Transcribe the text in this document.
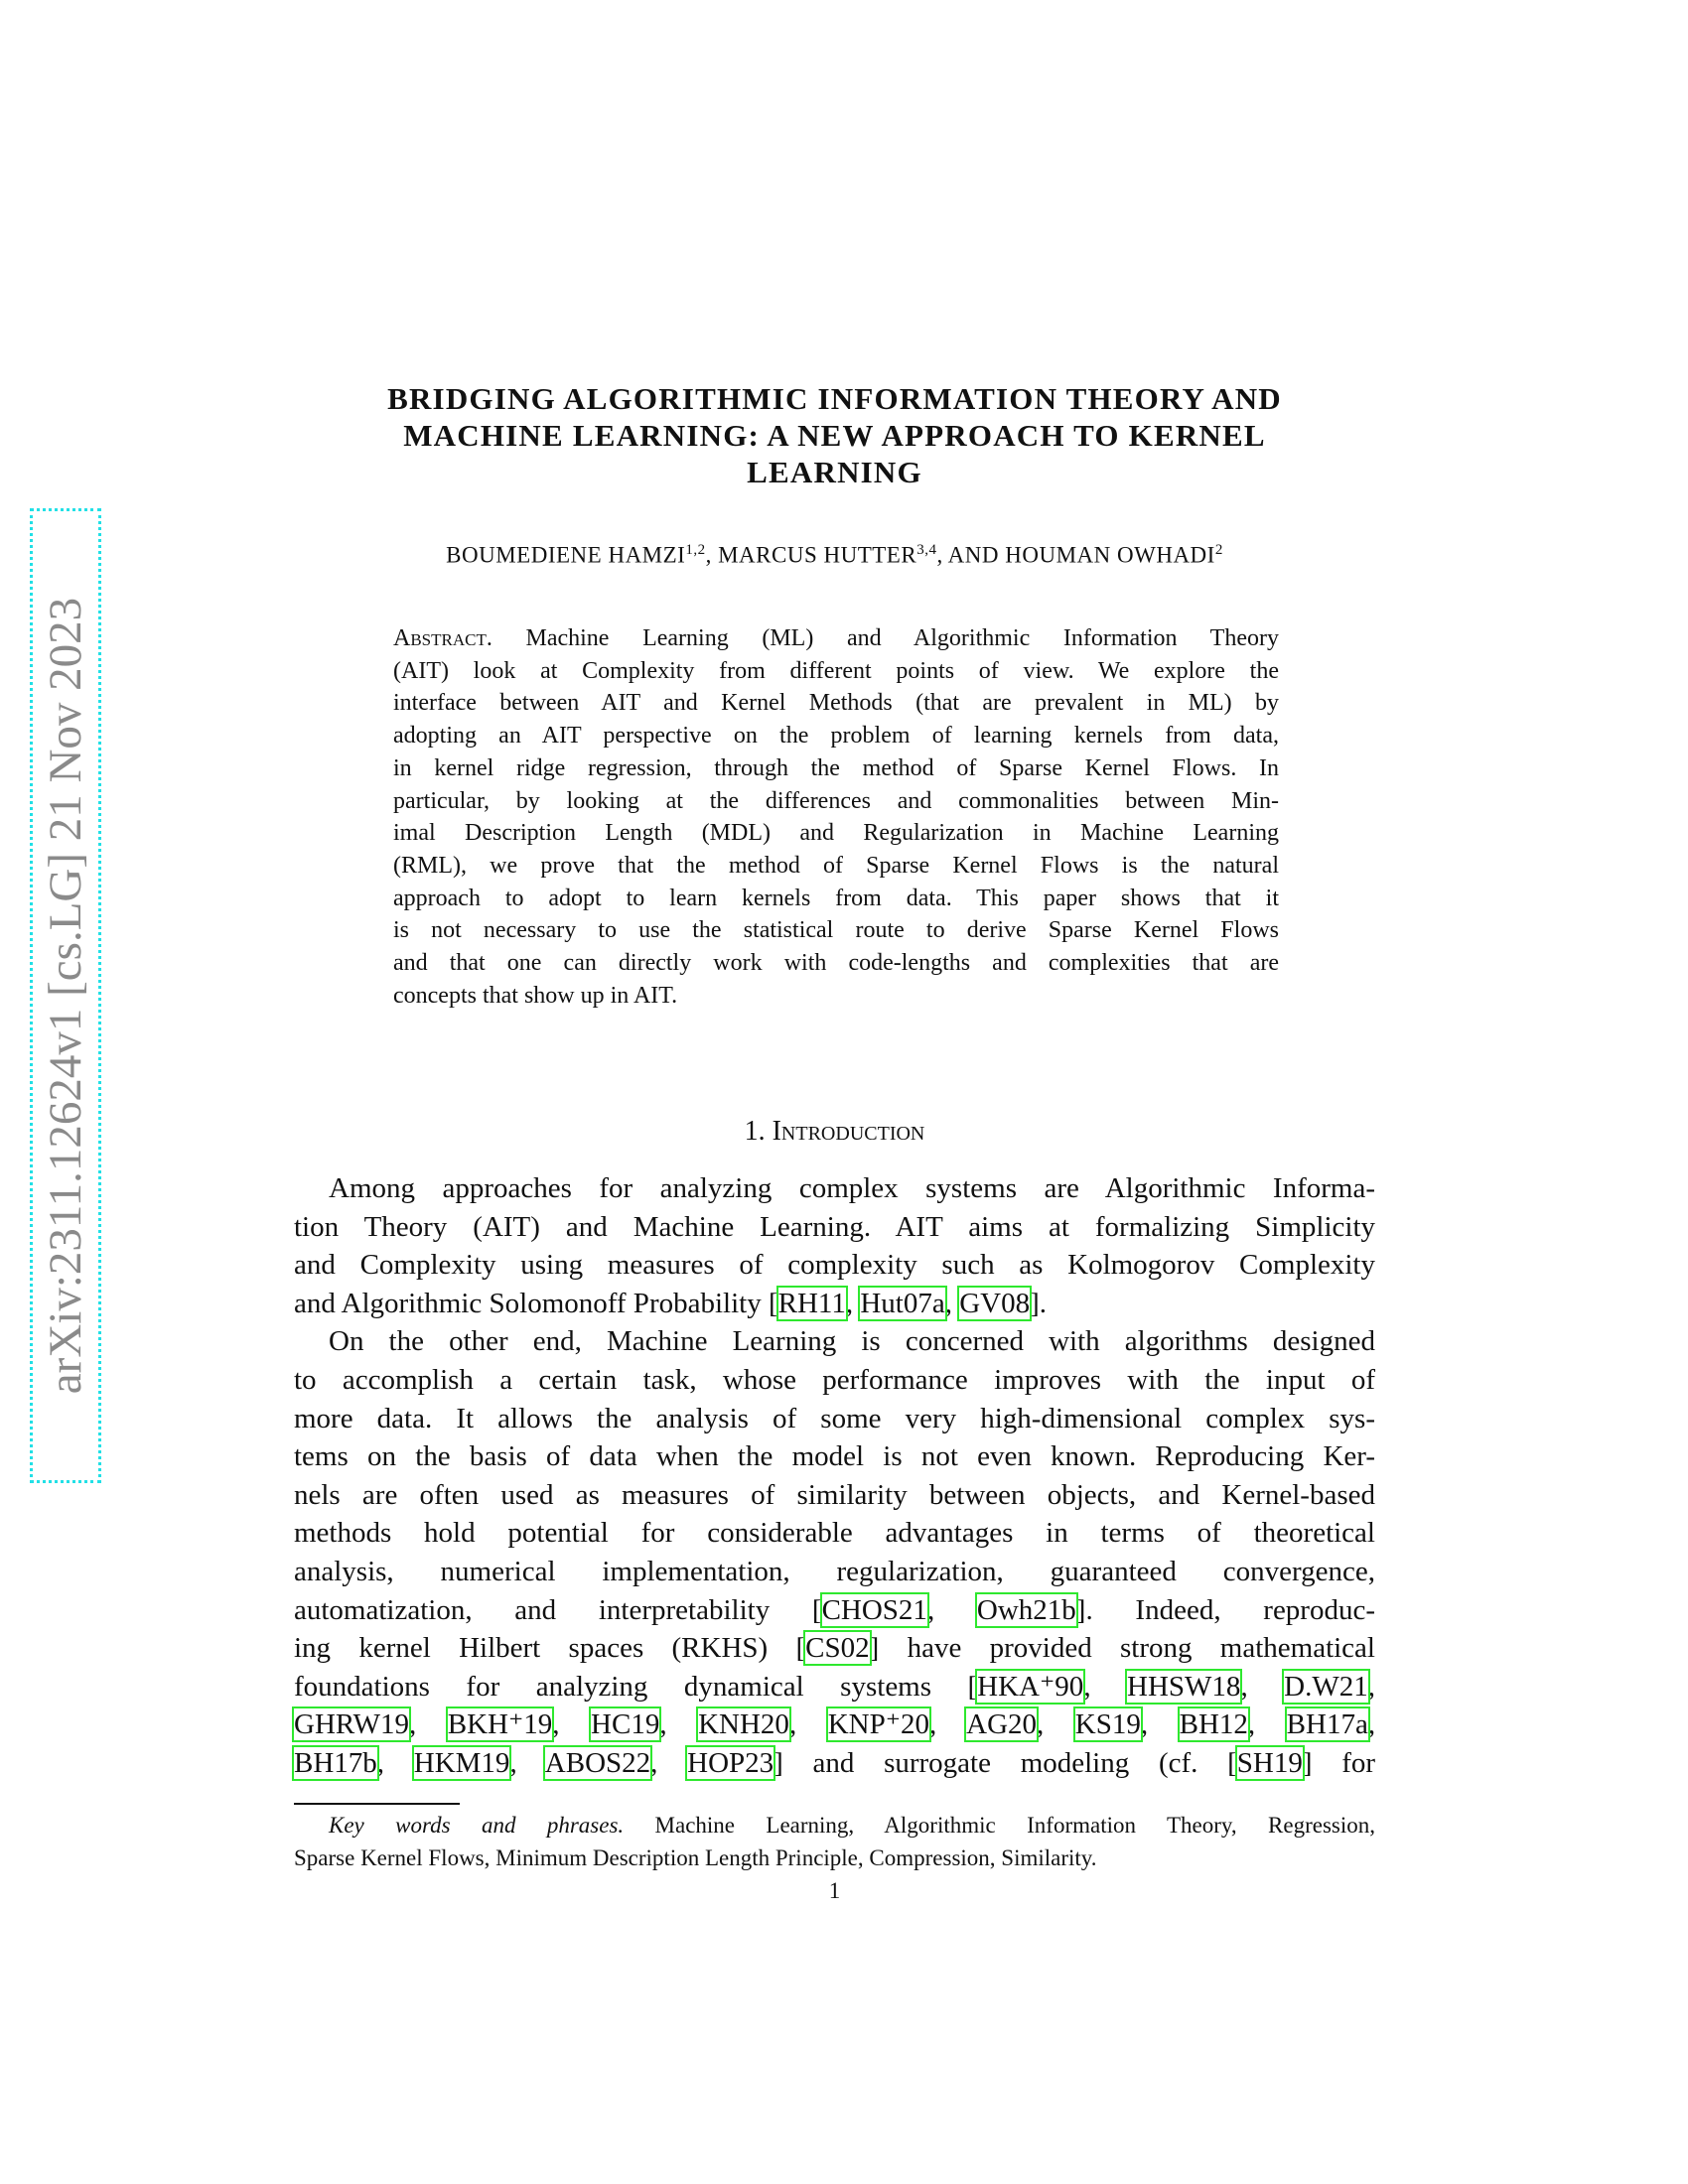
arXiv:2311.12624v1 [cs.LG] 21 Nov 2023
BRIDGING ALGORITHMIC INFORMATION THEORY AND
MACHINE LEARNING: A NEW APPROACH TO KERNEL
LEARNING
BOUMEDIENE HAMZI$^{1,2}$, MARCUS HUTTER$^{3,4}$, AND HOUMAN OWHADI$^2$
Abstract. Machine Learning (ML) and Algorithmic Information Theory
(AIT) look at Complexity from different points of view. We explore the
interface between AIT and Kernel Methods (that are prevalent in ML) by
adopting an AIT perspective on the problem of learning kernels from data,
in kernel ridge regression, through the method of Sparse Kernel Flows. In
particular, by looking at the differences and commonalities between Min-
imal Description Length (MDL) and Regularization in Machine Learning
(RML), we prove that the method of Sparse Kernel Flows is the natural
approach to adopt to learn kernels from data. This paper shows that it
is not necessary to use the statistical route to derive Sparse Kernel Flows
and that one can directly work with code-lengths and complexities that are
concepts that show up in AIT.
1. Introduction
Among approaches for analyzing complex systems are Algorithmic Informa-
tion Theory (AIT) and Machine Learning. AIT aims at formalizing Simplicity
and Complexity using measures of complexity such as Kolmogorov Complexity
and Algorithmic Solomonoff Probability [RH11, Hut07a, GV08].
On the other end, Machine Learning is concerned with algorithms designed
to accomplish a certain task, whose performance improves with the input of
more data. It allows the analysis of some very high-dimensional complex sys-
tems on the basis of data when the model is not even known. Reproducing Ker-
nels are often used as measures of similarity between objects, and Kernel-based
methods hold potential for considerable advantages in terms of theoretical
analysis, numerical implementation, regularization, guaranteed convergence,
automatization, and interpretability [CHOS21, Owh21b]. Indeed, reproduc-
ing kernel Hilbert spaces (RKHS) [CS02] have provided strong mathematical
foundations for analyzing dynamical systems [HKA⁺90, HHSW18, D.W21,
GHRW19, BKH⁺19, HC19, KNH20, KNP⁺20, AG20, KS19, BH12, BH17a,
BH17b, HKM19, ABOS22, HOP23] and surrogate modeling (cf. [SH19] for
Key words and phrases. Machine Learning, Algorithmic Information Theory, Regression,
Sparse Kernel Flows, Minimum Description Length Principle, Compression, Similarity.
1
